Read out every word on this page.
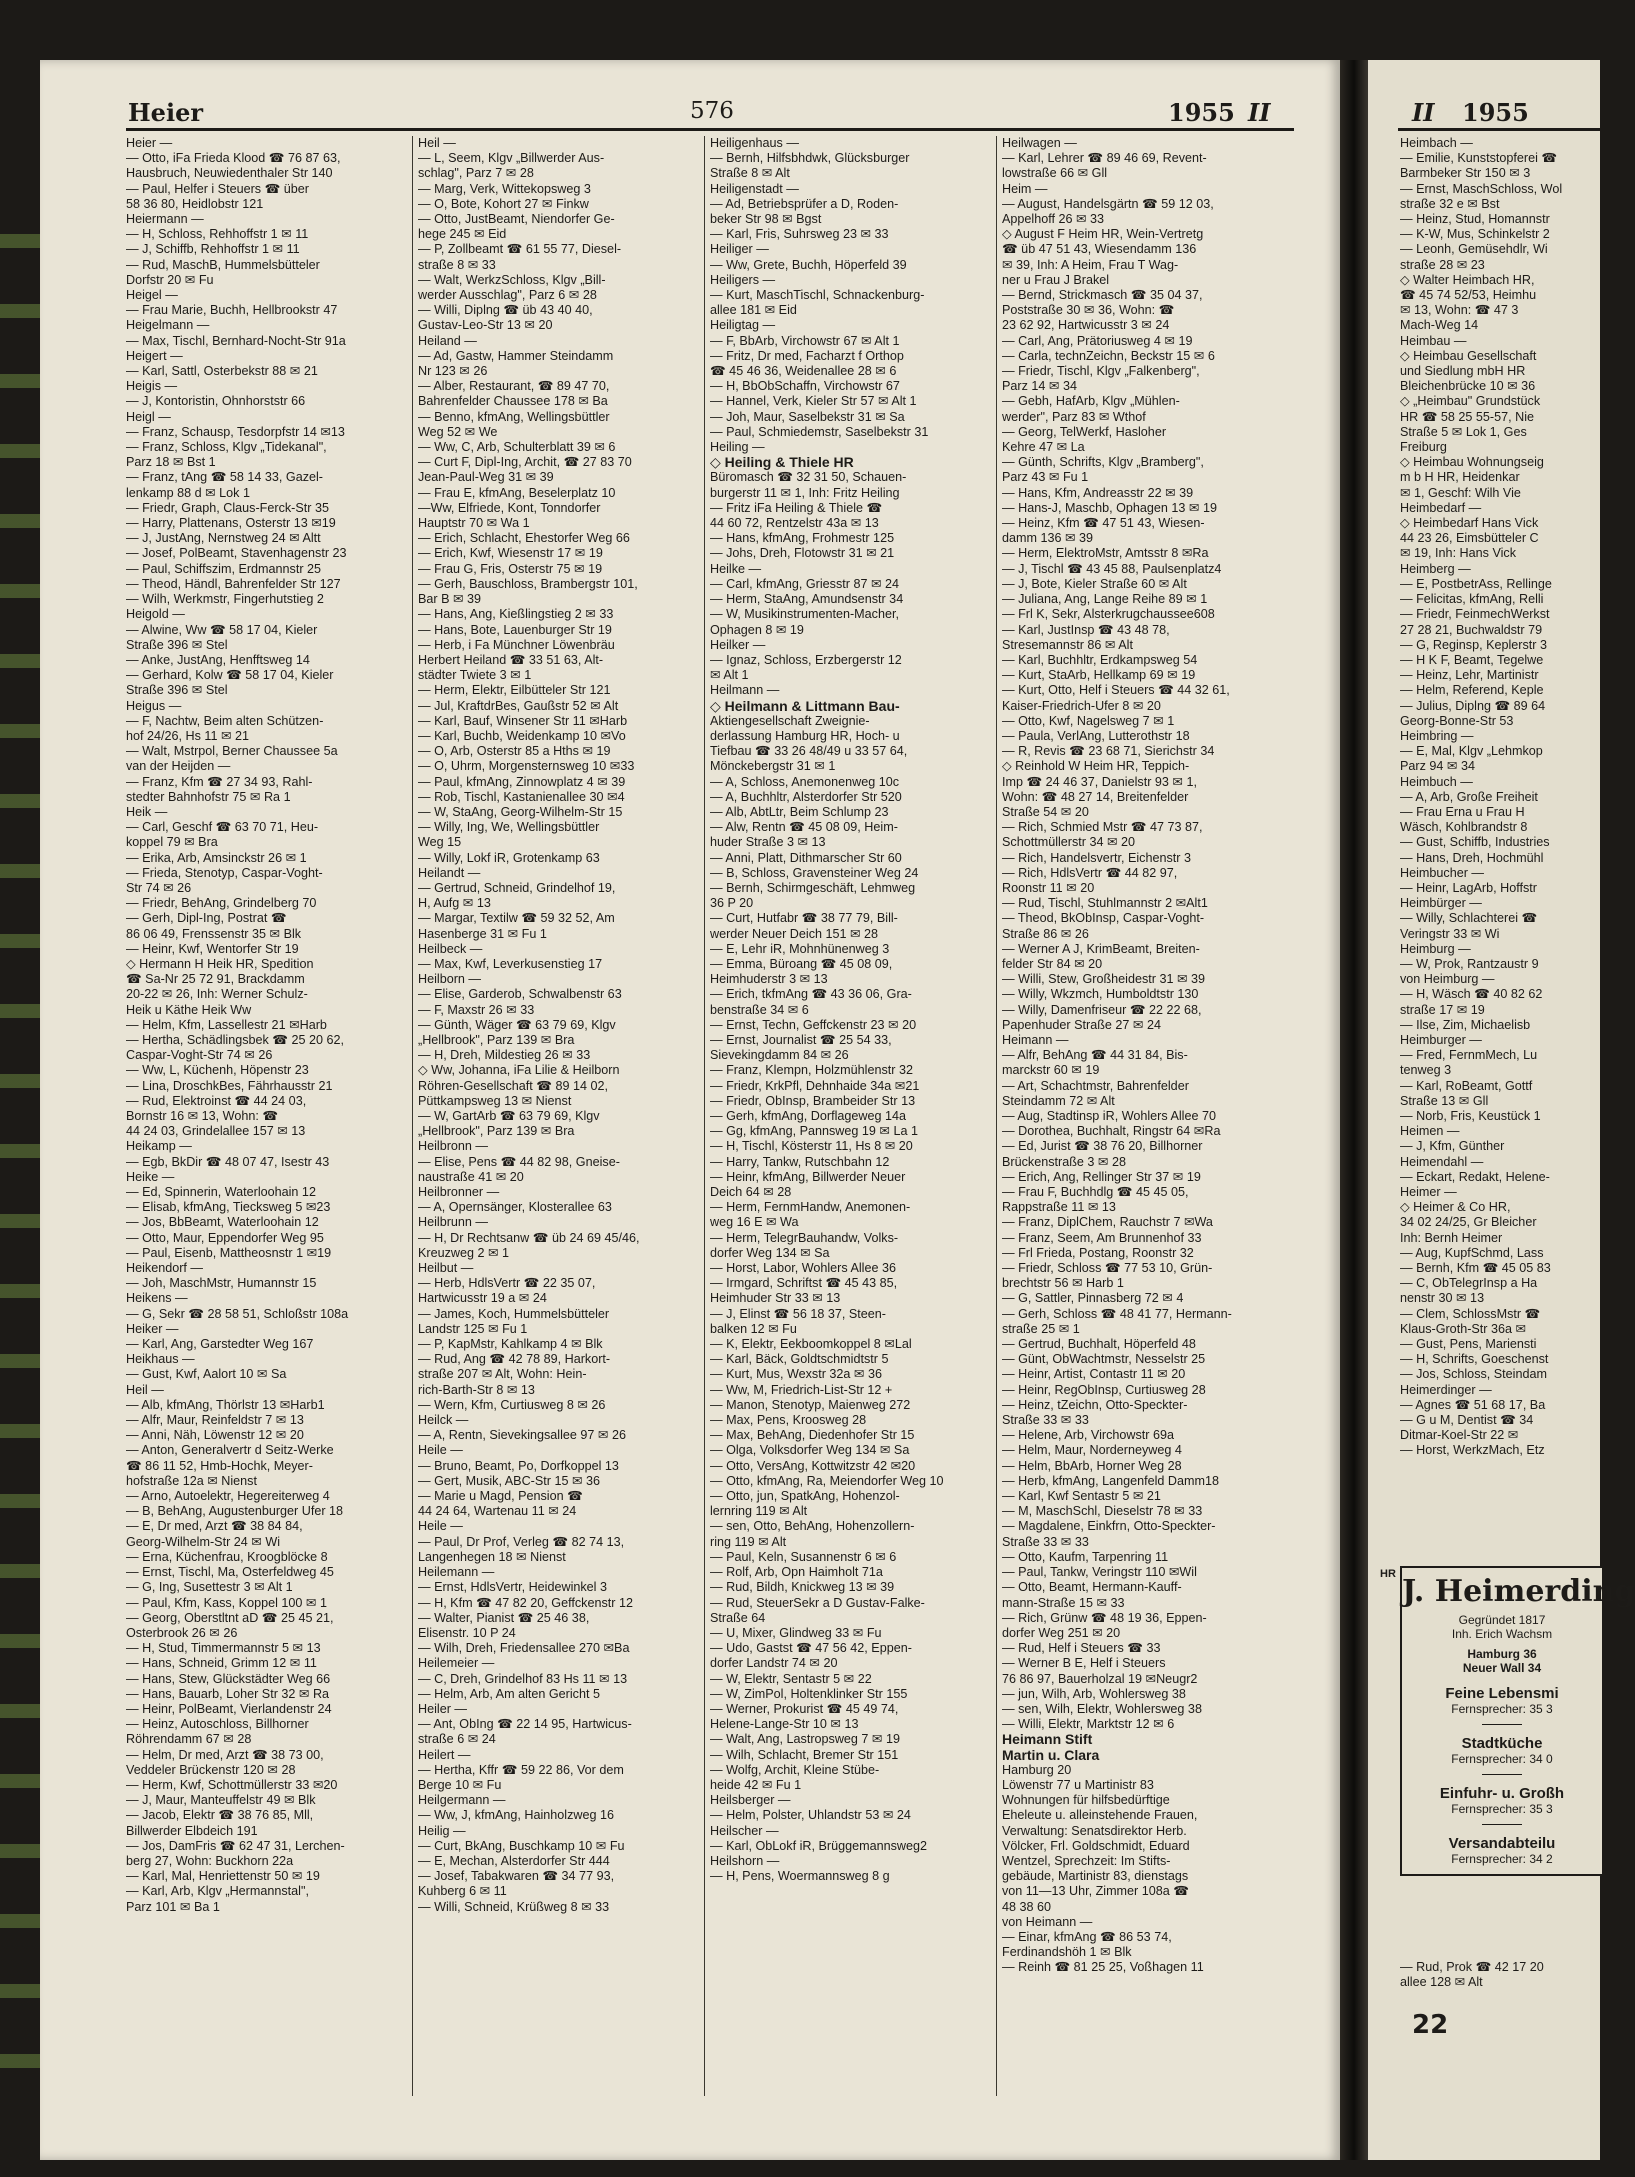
Heier	576	1955 II	II 1955
Heier —
— Otto, iFa Frieda Klood ☎ 76 87 63,
Hausbruch, Neuwiedenthaler Str 140
— Paul, Helfer i Steuers ☎ über
58 36 80, Heidlobstr 121
Heiermann —
— H, Schloss, Rehhoffstr 1 ✉ 11
— J, Schiffb, Rehhoffstr 1 ✉ 11
— Rud, MaschB, Hummelsbütteler
Dorfstr 20 ✉ Fu
Heigel —
— Frau Marie, Buchh, Hellbrookstr 47
Heigelmann —
— Max, Tischl, Bernhard-Nocht-Str 91a
Heigert —
— Karl, Sattl, Osterbekstr 88 ✉ 21
Heigis —
— J, Kontoristin, Ohnhorststr 66
Heigl —
— Franz, Schausp, Tesdorpfstr 14 ✉13
— Franz, Schloss, Klgv „Tidekanal",
Parz 18 ✉ Bst 1
— Franz, tAng ☎ 58 14 33, Gazel-
lenkamp 88 d ✉ Lok 1
— Friedr, Graph, Claus-Ferck-Str 35
— Harry, Plattenans, Osterstr 13 ✉19
— J, JustAng, Nernstweg 24 ✉ Altt
— Josef, PolBeamt, Stavenhagenstr 23
— Paul, Schiffszim, Erdmannstr 25
— Theod, Händl, Bahrenfelder Str 127
— Wilh, Werkmstr, Fingerhutstieg 2
Heigold —
— Alwine, Ww ☎ 58 17 04, Kieler
Straße 396 ✉ Stel
— Anke, JustAng, Henfftsweg 14
— Gerhard, Kolw ☎ 58 17 04, Kieler
Straße 396 ✉ Stel
Heigus —
— F, Nachtw, Beim alten Schützen-
hof 24/26, Hs 11 ✉ 21
— Walt, Mstrpol, Berner Chaussee 5a
van der Heijden —
— Franz, Kfm ☎ 27 34 93, Rahl-
stedter Bahnhofstr 75 ✉ Ra 1
Heik —
— Carl, Geschf ☎ 63 70 71, Heu-
koppel 79 ✉ Bra
— Erika, Arb, Amsinckstr 26 ✉ 1
— Frieda, Stenotyp, Caspar-Voght-
Str 74 ✉ 26
— Friedr, BehAng, Grindelberg 70
— Gerh, Dipl-Ing, Postrat ☎
86 06 49, Frenssenstr 35 ✉ Blk
— Heinr, Kwf, Wentorfer Str 19
◇ Hermann H Heik HR, Spedition
☎ Sa-Nr 25 72 91, Brackdamm
20-22 ✉ 26, Inh: Werner Schulz-
Heik u Käthe Heik Ww
— Helm, Kfm, Lassellestr 21 ✉Harb
— Hertha, Schädlingsbek ☎ 25 20 62,
Caspar-Voght-Str 74 ✉ 26
— Ww, L, Küchenh, Höpenstr 23
— Lina, DroschkBes, Fährhausstr 21
— Rud, Elektroinst ☎ 44 24 03,
Bornstr 16 ✉ 13, Wohn: ☎
44 24 03, Grindelallee 157 ✉ 13
Heikamp —
— Egb, BkDir ☎ 48 07 47, Isestr 43
Heike —
— Ed, Spinnerin, Waterloohain 12
— Elisab, kfmAng, Tiecksweg 5 ✉23
— Jos, BbBeamt, Waterloohain 12
— Otto, Maur, Eppendorfer Weg 95
— Paul, Eisenb, Mattheosnstr 1 ✉19
Heikendorf —
— Joh, MaschMstr, Humannstr 15
Heikens —
— G, Sekr ☎ 28 58 51, Schloßstr 108a
Heiker —
— Karl, Ang, Garstedter Weg 167
Heikhaus —
— Gust, Kwf, Aalort 10 ✉ Sa
Heil —
— Alb, kfmAng, Thörlstr 13 ✉Harb1
— Alfr, Maur, Reinfeldstr 7 ✉ 13
— Anni, Näh, Löwenstr 12 ✉ 20
— Anton, Generalvertr d Seitz-Werke
☎ 86 11 52, Hmb-Hochk, Meyer-
hofstraße 12a ✉ Nienst
— Arno, Autoelektr, Hegereiterweg 4
— B, BehAng, Augustenburger Ufer 18
— E, Dr med, Arzt ☎ 38 84 84,
Georg-Wilhelm-Str 24 ✉ Wi
— Erna, Küchenfrau, Kroogblöcke 8
— Ernst, Tischl, Ma, Osterfeldweg 45
— G, Ing, Susettestr 3 ✉ Alt 1
— Paul, Kfm, Kass, Koppel 100 ✉ 1
— Georg, Oberstltnt aD ☎ 25 45 21,
Osterbrook 26 ✉ 26
— H, Stud, Timmermannstr 5 ✉ 13
— Hans, Schneid, Grimm 12 ✉ 11
— Hans, Stew, Glückstädter Weg 66
— Hans, Bauarb, Loher Str 32 ✉ Ra
— Heinr, PolBeamt, Vierlandenstr 24
— Heinz, Autoschloss, Billhorner
Röhrendamm 67 ✉ 28
— Helm, Dr med, Arzt ☎ 38 73 00,
Veddeler Brückenstr 120 ✉ 28
— Herm, Kwf, Schottmüllerstr 33 ✉20
— J, Maur, Manteuffelstr 49 ✉ Blk
— Jacob, Elektr ☎ 38 76 85, Mll,
Billwerder Elbdeich 191
— Jos, DamFris ☎ 62 47 31, Lerchen-
berg 27, Wohn: Buckhorn 22a
— Karl, Mal, Henriettenstr 50 ✉ 19
— Karl, Arb, Klgv „Hermannstal",
Parz 101 ✉ Ba 1
Heil —
— L, Seem, Klgv „Billwerder Aus-
schlag", Parz 7 ✉ 28
— Marg, Verk, Wittekopsweg 3
— O, Bote, Kohort 27 ✉ Finkw
— Otto, JustBeamt, Niendorfer Ge-
hege 245 ✉ Eid
— P, Zollbeamt ☎ 61 55 77, Diesel-
straße 8 ✉ 33
— Walt, WerkzSchloss, Klgv „Bill-
werder Ausschlag", Parz 6 ✉ 28
— Willi, Diplng ☎ üb 43 40 40,
Gustav-Leo-Str 13 ✉ 20
Heiland —
— Ad, Gastw, Hammer Steindamm
Nr 123 ✉ 26
— Alber, Restaurant, ☎ 89 47 70,
Bahrenfelder Chaussee 178 ✉ Ba
— Benno, kfmAng, Wellingsbüttler
Weg 52 ✉ We
— Ww, C, Arb, Schulterblatt 39 ✉ 6
— Curt F, Dipl-Ing, Archit, ☎ 27 83 70
Jean-Paul-Weg 31 ✉ 39
— Frau E, kfmAng, Beselerplatz 10
—Ww, Elfriede, Kont, Tonndorfer
Hauptstr 70 ✉ Wa 1
— Erich, Schlacht, Ehestorfer Weg 66
— Erich, Kwf, Wiesenstr 17 ✉ 19
— Frau G, Fris, Osterstr 75 ✉ 19
— Gerh, Bauschloss, Brambergstr 101,
Bar B ✉ 39
— Hans, Ang, Kießlingstieg 2 ✉ 33
— Hans, Bote, Lauenburger Str 19
— Herb, i Fa Münchner Löwenbräu
Herbert Heiland ☎ 33 51 63, Alt-
städter Twiete 3 ✉ 1
— Herm, Elektr, Eilbütteler Str 121
— Jul, KraftdrBes, Gaußstr 52 ✉ Alt
— Karl, Bauf, Winsener Str 11 ✉Harb
— Karl, Buchb, Weidenkamp 10 ✉Vo
— O, Arb, Osterstr 85 a Hths ✉ 19
— O, Uhrm, Morgensternsweg 10 ✉33
— Paul, kfmAng, Zinnowplatz 4 ✉ 39
— Rob, Tischl, Kastanienallee 30 ✉4
— W, StaAng, Georg-Wilhelm-Str 15
— Willy, Ing, We, Wellingsbüttler
Weg 15
— Willy, Lokf iR, Grotenkamp 63
Heilandt —
— Gertrud, Schneid, Grindelhof 19,
H, Aufg ✉ 13
— Margar, Textilw ☎ 59 32 52, Am
Hasenberge 31 ✉ Fu 1
Heilbeck —
— Max, Kwf, Leverkusenstieg 17
Heilborn —
— Elise, Garderob, Schwalbenstr 63
— F, Maxstr 26 ✉ 33
— Günth, Wäger ☎ 63 79 69, Klgv
„Hellbrook", Parz 139 ✉ Bra
— H, Dreh, Mildestieg 26 ✉ 33
◇ Ww, Johanna, iFa Lilie & Heilborn
Röhren-Gesellschaft ☎ 89 14 02,
Püttkampsweg 13 ✉ Nienst
— W, GartArb ☎ 63 79 69, Klgv
„Hellbrook", Parz 139 ✉ Bra
Heilbronn —
— Elise, Pens ☎ 44 82 98, Gneise-
naustraße 41 ✉ 20
Heilbronner —
— A, Opernsänger, Klosterallee 63
Heilbrunn —
— H, Dr Rechtsanw ☎ üb 24 69 45/46,
Kreuzweg 2 ✉ 1
Heilbut —
— Herb, HdlsVertr ☎ 22 35 07,
Hartwicusstr 19 a ✉ 24
— James, Koch, Hummelsbütteler
Landstr 125 ✉ Fu 1
— P, KapMstr, Kahlkamp 4 ✉ Blk
— Rud, Ang ☎ 42 78 89, Harkort-
straße 207 ✉ Alt, Wohn: Hein-
rich-Barth-Str 8 ✉ 13
— Wern, Kfm, Curtiusweg 8 ✉ 26
Heilck —
— A, Rentn, Sievekingsallee 97 ✉ 26
Heile —
— Bruno, Beamt, Po, Dorfkoppel 13
— Gert, Musik, ABC-Str 15 ✉ 36
— Marie u Magd, Pension ☎
44 24 64, Wartenau 11 ✉ 24
Heile —
— Paul, Dr Prof, Verleg ☎ 82 74 13,
Langenhegen 18 ✉ Nienst
Heilemann —
— Ernst, HdlsVertr, Heidewinkel 3
— H, Kfm ☎ 47 82 20, Geffckenstr 12
— Walter, Pianist ☎ 25 46 38,
Elisenstr. 10 P 24
— Wilh, Dreh, Friedensallee 270 ✉Ba
Heilemeier —
— C, Dreh, Grindelhof 83 Hs 11 ✉ 13
— Helm, Arb, Am alten Gericht 5
Heiler —
— Ant, ObIng ☎ 22 14 95, Hartwicus-
straße 6 ✉ 24
Heilert —
— Hertha, Kffr ☎ 59 22 86, Vor dem
Berge 10 ✉ Fu
Heilgermann —
— Ww, J, kfmAng, Hainholzweg 16
Heilig —
— Curt, BkAng, Buschkamp 10 ✉ Fu
— E, Mechan, Alsterdorfer Str 444
— Josef, Tabakwaren ☎ 34 77 93,
Kuhberg 6 ✉ 11
— Willi, Schneid, Krüßweg 8 ✉ 33
Heiligenhaus —
— Bernh, Hilfsbhdwk, Glücksburger
Straße 8 ✉ Alt
Heiligenstadt —
— Ad, Betriebsprüfer a D, Roden-
beker Str 98 ✉ Bgst
— Karl, Fris, Suhrsweg 23 ✉ 33
Heiliger —
— Ww, Grete, Buchh, Höperfeld 39
Heiligers —
— Kurt, MaschTischl, Schnackenburg-
allee 181 ✉ Eid
Heiligtag —
— F, BbArb, Virchowstr 67 ✉ Alt 1
— Fritz, Dr med, Facharzt f Orthop
☎ 45 46 36, Weidenallee 28 ✉ 6
— H, BbObSchaffn, Virchowstr 67
— Hannel, Verk, Kieler Str 57 ✉ Alt 1
— Joh, Maur, Saselbekstr 31 ✉ Sa
— Paul, Schmiedemstr, Saselbekstr 31
Heiling —
◇ Heiling & Thiele HR
Büromasch ☎ 32 31 50, Schauen-
burgerstr 11 ✉ 1, Inh: Fritz Heiling
— Fritz iFa Heiling & Thiele ☎
44 60 72, Rentzelstr 43a ✉ 13
— Hans, kfmAng, Frohmestr 125
— Johs, Dreh, Flotowstr 31 ✉ 21
Heilke —
— Carl, kfmAng, Griesstr 87 ✉ 24
— Herm, StaAng, Amundsenstr 34
— W, Musikinstrumenten-Macher,
Ophagen 8 ✉ 19
Heilker —
— Ignaz, Schloss, Erzbergerstr 12
✉ Alt 1
Heilmann —
◇ Heilmann & Littmann Bau-
Aktiengesellschaft Zweignie-
derlassung Hamburg HR, Hoch- u
Tiefbau ☎ 33 26 48/49 u 33 57 64,
Mönckebergstr 31 ✉ 1
— A, Schloss, Anemonenweg 10c
— A, Buchhltr, Alsterdorfer Str 520
— Alb, AbtLtr, Beim Schlump 23
— Alw, Rentn ☎ 45 08 09, Heim-
huder Straße 3 ✉ 13
— Anni, Platt, Dithmarscher Str 60
— B, Schloss, Gravensteiner Weg 24
— Bernh, Schirmgeschäft, Lehmweg
36 P 20
— Curt, Hutfabr ☎ 38 77 79, Bill-
werder Neuer Deich 151 ✉ 28
— E, Lehr iR, Mohnhünenweg 3
— Emma, Büroang ☎ 45 08 09,
Heimhuderstr 3 ✉ 13
— Erich, tkfmAng ☎ 43 36 06, Gra-
benstraße 34 ✉ 6
— Ernst, Techn, Geffckenstr 23 ✉ 20
— Ernst, Journalist ☎ 25 54 33,
Sievekingdamm 84 ✉ 26
— Franz, Klempn, Holzmühlenstr 32
— Friedr, KrkPfl, Dehnhaide 34a ✉21
— Friedr, ObInsp, Brambeider Str 13
— Gerh, kfmAng, Dorflageweg 14a
— Gg, kfmAng, Pannsweg 19 ✉ La 1
— H, Tischl, Kösterstr 11, Hs 8 ✉ 20
— Harry, Tankw, Rutschbahn 12
— Heinr, kfmAng, Billwerder Neuer
Deich 64 ✉ 28
— Herm, FernmHandw, Anemonen-
weg 16 E ✉ Wa
— Herm, TelegrBauhandw, Volks-
dorfer Weg 134 ✉ Sa
— Horst, Labor, Wohlers Allee 36
— Irmgard, Schriftst ☎ 45 43 85,
Heimhuder Str 33 ✉ 13
— J, Elinst ☎ 56 18 37, Steen-
balken 12 ✉ Fu
— K, Elektr, Eekboomkoppel 8 ✉Lal
— Karl, Bäck, Goldtschmidtstr 5
— Kurt, Mus, Wexstr 32a ✉ 36
— Ww, M, Friedrich-List-Str 12 +
— Manon, Stenotyp, Maienweg 272
— Max, Pens, Kroosweg 28
— Max, BehAng, Diedenhofer Str 15
— Olga, Volksdorfer Weg 134 ✉ Sa
— Otto, VersAng, Kottwitzstr 42 ✉20
— Otto, kfmAng, Ra, Meiendorfer Weg 10
— Otto, jun, SpatkAng, Hohenzol-
lernring 119 ✉ Alt
— sen, Otto, BehAng, Hohenzollern-
ring 119 ✉ Alt
— Paul, Keln, Susannenstr 6 ✉ 6
— Rolf, Arb, Opn Haimholt 71a
— Rud, Bildh, Knickweg 13 ✉ 39
— Rud, SteuerSekr a D Gustav-Falke-
Straße 64
— U, Mixer, Glindweg 33 ✉ Fu
— Udo, Gastst ☎ 47 56 42, Eppen-
dorfer Landstr 74 ✉ 20
— W, Elektr, Sentastr 5 ✉ 22
— W, ZimPol, Holtenklinker Str 155
— Werner, Prokurist ☎ 45 49 74,
Helene-Lange-Str 10 ✉ 13
— Walt, Ang, Lastropsweg 7 ✉ 19
— Wilh, Schlacht, Bremer Str 151
— Wolfg, Archit, Kleine Stübe-
heide 42 ✉ Fu 1
Heilsberger —
— Helm, Polster, Uhlandstr 53 ✉ 24
Heilscher —
— Karl, ObLokf iR, Brüggemannsweg2
Heilshorn —
— H, Pens, Woermannsweg 8 g
Heilwagen —
— Karl, Lehrer ☎ 89 46 69, Revent-
lowstraße 66 ✉ Gll
Heim —
— August, Handelsgärtn ☎ 59 12 03,
Appelhoff 26 ✉ 33
◇ August F Heim HR, Wein-Vertretg
☎ üb 47 51 43, Wiesendamm 136
✉ 39, Inh: A Heim, Frau T Wag-
ner u Frau J Brakel
— Bernd, Strickmasch ☎ 35 04 37,
Poststraße 30 ✉ 36, Wohn: ☎
23 62 92, Hartwicusstr 3 ✉ 24
— Carl, Ang, Prätoriusweg 4 ✉ 19
— Carla, technZeichn, Beckstr 15 ✉ 6
— Friedr, Tischl, Klgv „Falkenberg",
Parz 14 ✉ 34
— Gebh, HafArb, Klgv „Mühlen-
werder", Parz 83 ✉ Wthof
— Georg, TelWerkf, Hasloher
Kehre 47 ✉ La
— Günth, Schrifts, Klgv „Bramberg",
Parz 43 ✉ Fu 1
— Hans, Kfm, Andreasstr 22 ✉ 39
— Hans-J, Maschb, Ophagen 13 ✉ 19
— Heinz, Kfm ☎ 47 51 43, Wiesen-
damm 136 ✉ 39
— Herm, ElektroMstr, Amtsstr 8 ✉Ra
— J, Tischl ☎ 43 45 88, Paulsenplatz4
— J, Bote, Kieler Straße 60 ✉ Alt
— Juliana, Ang, Lange Reihe 89 ✉ 1
— Frl K, Sekr, Alsterkrugchaussee608
— Karl, JustInsp ☎ 43 48 78,
Stresemannstr 86 ✉ Alt
— Karl, Buchhltr, Erdkampsweg 54
— Kurt, StaArb, Hellkamp 69 ✉ 19
— Kurt, Otto, Helf i Steuers ☎ 44 32 61,
Kaiser-Friedrich-Ufer 8 ✉ 20
— Otto, Kwf, Nagelsweg 7 ✉ 1
— Paula, VerlAng, Lutterothstr 18
— R, Revis ☎ 23 68 71, Sierichstr 34
◇ Reinhold W Heim HR, Teppich-
Imp ☎ 24 46 37, Danielstr 93 ✉ 1,
Wohn: ☎ 48 27 14, Breitenfelder
Straße 54 ✉ 20
— Rich, Schmied Mstr ☎ 47 73 87,
Schottmüllerstr 34 ✉ 20
— Rich, Handelsvertr, Eichenstr 3
— Rich, HdlsVertr ☎ 44 82 97,
Roonstr 11 ✉ 20
— Rud, Tischl, Stuhlmannstr 2 ✉Alt1
— Theod, BkObInsp, Caspar-Voght-
Straße 86 ✉ 26
— Werner A J, KrimBeamt, Breiten-
felder Str 84 ✉ 20
— Willi, Stew, Großheidestr 31 ✉ 39
— Willy, Wkzmch, Humboldtstr 130
— Willy, Damenfriseur ☎ 22 22 68,
Papenhuder Straße 27 ✉ 24
Heimann —
— Alfr, BehAng ☎ 44 31 84, Bis-
marckstr 60 ✉ 19
— Art, Schachtmstr, Bahrenfelder
Steindamm 72 ✉ Alt
— Aug, Stadtinsp iR, Wohlers Allee 70
— Dorothea, Buchhalt, Ringstr 64 ✉Ra
— Ed, Jurist ☎ 38 76 20, Billhorner
Brückenstraße 3 ✉ 28
— Erich, Ang, Rellinger Str 37 ✉ 19
— Frau F, Buchhdlg ☎ 45 45 05,
Rappstraße 11 ✉ 13
— Franz, DiplChem, Rauchstr 7 ✉Wa
— Franz, Seem, Am Brunnenhof 33
— Frl Frieda, Postang, Roonstr 32
— Friedr, Schloss ☎ 77 53 10, Grün-
brechtstr 56 ✉ Harb 1
— G, Sattler, Pinnasberg 72 ✉ 4
— Gerh, Schloss ☎ 48 41 77, Hermann-
straße 25 ✉ 1
— Gertrud, Buchhalt, Höperfeld 48
— Günt, ObWachtmstr, Nesselstr 25
— Heinr, Artist, Contastr 11 ✉ 20
— Heinr, RegObInsp, Curtiusweg 28
— Heinz, tZeichn, Otto-Speckter-
Straße 33 ✉ 33
— Helene, Arb, Virchowstr 69a
— Helm, Maur, Norderneyweg 4
— Helm, BbArb, Horner Weg 28
— Herb, kfmAng, Langenfeld Damm18
— Karl, Kwf Sentastr 5 ✉ 21
— M, MaschSchl, Dieselstr 78 ✉ 33
— Magdalene, Einkfrn, Otto-Speckter-
Straße 33 ✉ 33
— Otto, Kaufm, Tarpenring 11
— Paul, Tankw, Veringstr 110 ✉Wil
— Otto, Beamt, Hermann-Kauff-
mann-Straße 15 ✉ 33
— Rich, Grünw ☎ 48 19 36, Eppen-
dorfer Weg 251 ✉ 20
— Rud, Helf i Steuers ☎ 33
— Werner B E, Helf i Steuers
76 86 97, Bauerholzal 19 ✉Neugr2
— jun, Wilh, Arb, Wohlersweg 38
— sen, Wilh, Elektr, Wohlersweg 38
— Willi, Elektr, Marktstr 12 ✉ 6
Heimann Stift
Martin u. Clara
Hamburg 20
Löwenstr 77 u Martinistr 83
Wohnungen für hilfsbedürftige
Eheleute u. alleinstehende Frauen,
Verwaltung: Senatsdirektor Herb.
Völcker, Frl. Goldschmidt, Eduard
Wentzel, Sprechzeit: Im Stifts-
gebäude, Martinistr 83, dienstags
von 11—13 Uhr, Zimmer 108a ☎
48 38 60
von Heimann —
— Einar, kfmAng ☎ 86 53 74,
Ferdinandshöh 1 ✉ Blk
— Reinh ☎ 81 25 25, Voßhagen 11
Heimbach —
— Emilie, Kunststopferei ☎
Barmbeker Str 150 ✉ 3
— Ernst, MaschSchloss, Wol
straße 32 e ✉ Bst
— Heinz, Stud, Homannstr
— K-W, Mus, Schinkelstr 2
— Leonh, Gemüsehdlr, Wi
straße 28 ✉ 23
◇ Walter Heimbach HR,
☎ 45 74 52/53, Heimhu
✉ 13, Wohn: ☎ 47 3
Mach-Weg 14
Heimbau —
◇ Heimbau Gesellschaft
und Siedlung mbH HR
Bleichenbrücke 10 ✉ 36
◇ „Heimbau" Grundstück
HR ☎ 58 25 55-57, Nie
Straße 5 ✉ Lok 1, Ges
Freiburg
◇ Heimbau Wohnungseig
m b H HR, Heidenkar
✉ 1, Geschf: Wilh Vie
Heimbedarf —
◇ Heimbedarf Hans Vick
44 23 26, Eimsbütteler C
✉ 19, Inh: Hans Vick
Heimberg —
— E, PostbetrAss, Rellinge
— Felicitas, kfmAng, Relli
— Friedr, FeinmechWerkst
27 28 21, Buchwaldstr 79
— G, Reginsp, Keplerstr 3
— H K F, Beamt, Tegelwe
— Heinz, Lehr, Martinistr
— Helm, Referend, Keple
— Julius, Diplng ☎ 89 64
Georg-Bonne-Str 53
Heimbring —
— E, Mal, Klgv „Lehmkop
Parz 94 ✉ 34
Heimbuch —
— A, Arb, Große Freiheit
— Frau Erna u Frau H
Wäsch, Kohlbrandstr 8
— Gust, Schiffb, Industries
— Hans, Dreh, Hochmühl
Heimbucher —
— Heinr, LagArb, Hoffstr
Heimbürger —
— Willy, Schlachterei ☎
Veringstr 33 ✉ Wi
Heimburg —
— W, Prok, Rantzaustr 9
von Heimburg —
— H, Wäsch ☎ 40 82 62
straße 17 ✉ 19
— Ilse, Zim, Michaelisb
Heimburger —
— Fred, FernmMech, Lu
tenweg 3
— Karl, RoBeamt, Gottf
Straße 13 ✉ Gll
— Norb, Fris, Keustück 1
Heimen —
— J, Kfm, Günther
Heimendahl —
— Eckart, Redakt, Helene-
Heimer —
◇ Heimer & Co HR,
34 02 24/25, Gr Bleicher
Inh: Bernh Heimer
— Aug, KupfSchmd, Lass
— Bernh, Kfm ☎ 45 05 83
— C, ObTelegrInsp a Ha
nenstr 30 ✉ 13
— Clem, SchlossMstr ☎
Klaus-Groth-Str 36a ✉
— Gust, Pens, Mariensti
— H, Schrifts, Goeschenst
— Jos, Schloss, Steindam
Heimerdinger —
— Agnes ☎ 51 68 17, Ba
— G u M, Dentist ☎ 34
Ditmar-Koel-Str 22 ✉
— Horst, WerkzMach, Etz
HR J. Heimerding
Gegründet 1817
Inh. Erich Wachsm
Hamburg 36
Neuer Wall 34
Feine Lebensmi
Fernsprecher: 35 3
Stadtküche
Fernsprecher: 34 0
Einfuhr- u. Großh
Fernsprecher: 35 3
Versandabteilu
Fernsprecher: 34 2
— Rud, Prok ☎ 42 17 20
allee 128 ✉ Alt
22
